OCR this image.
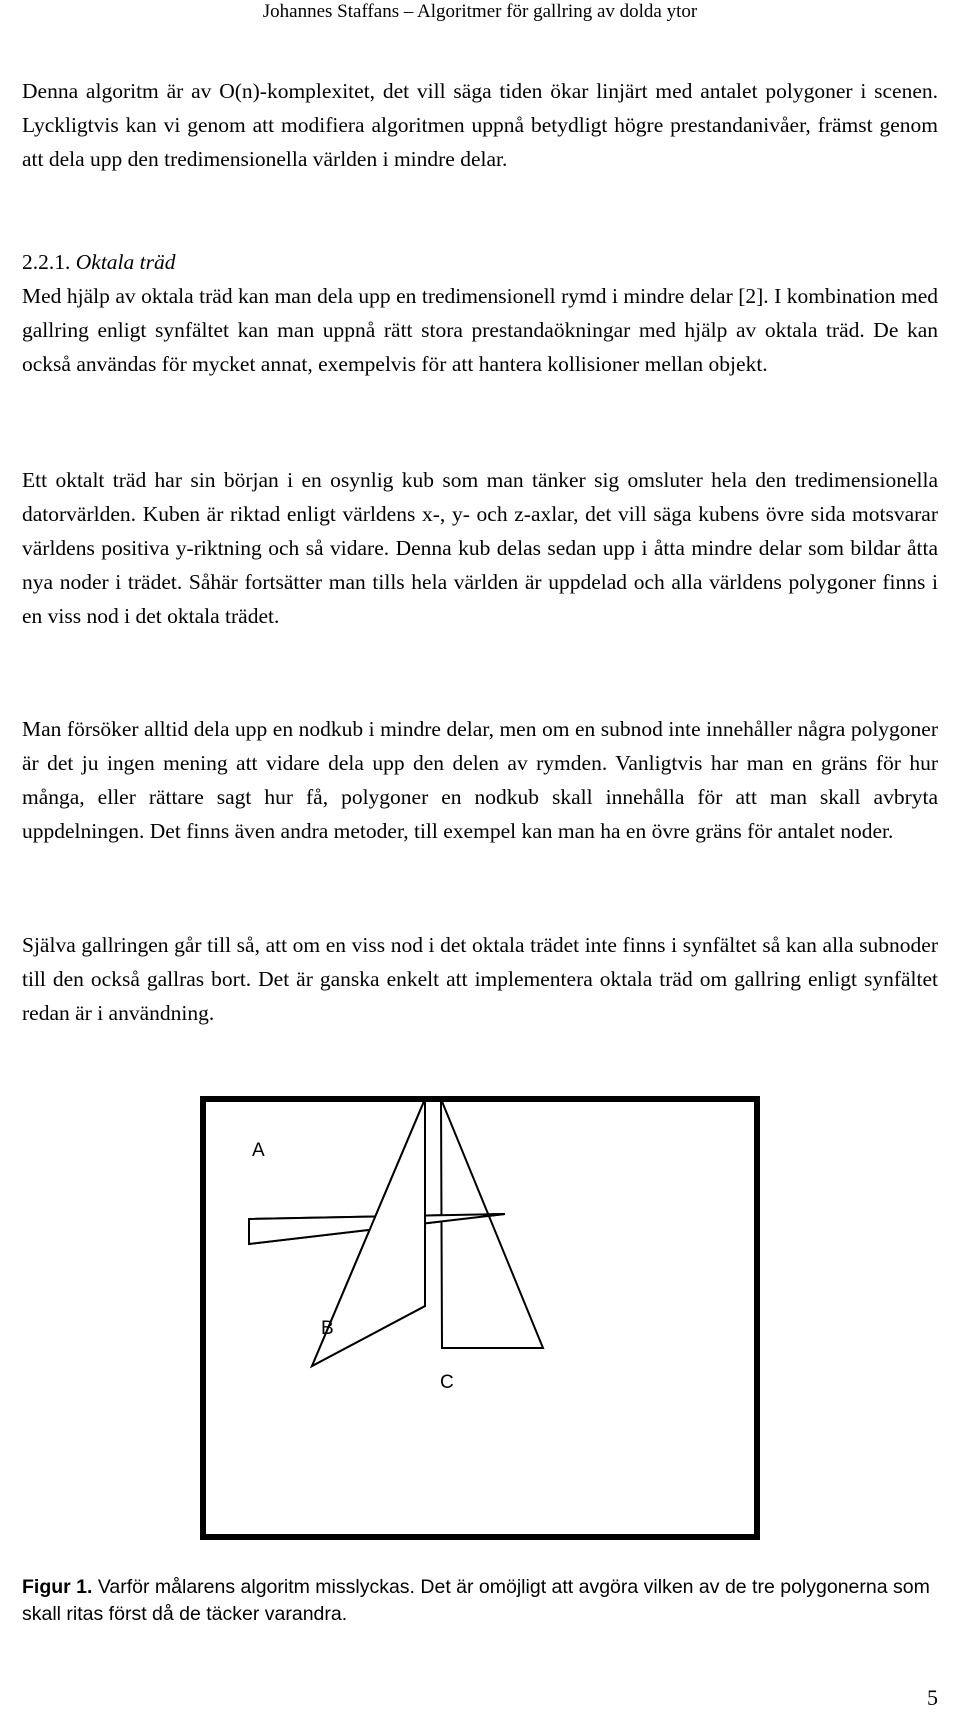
Johannes Staffans – Algoritmer för gallring av dolda ytor

Denna algoritm är av O(n)-komplexitet, det vill säga tiden ökar linjärt med antalet polygoner i scenen. Lyckligtvis kan vi genom att modifiera algoritmen uppnå betydligt högre prestandanivåer, främst genom att dela upp den tredimensionella världen i mindre delar.

2.2.1. Oktala träd

Med hjälp av oktala träd kan man dela upp en tredimensionell rymd i mindre delar [2]. I kombination med gallring enligt synfältet kan man uppnå rätt stora prestandaökningar med hjälp av oktala träd. De kan också användas för mycket annat, exempelvis för att hantera kollisioner mellan objekt.

Ett oktalt träd har sin början i en osynlig kub som man tänker sig omsluter hela den tredimensionella datorvärlden. Kuben är riktad enligt världens x-, y- och z-axlar, det vill säga kubens övre sida motsvarar världens positiva y-riktning och så vidare. Denna kub delas sedan upp i åtta mindre delar som bildar åtta nya noder i trädet. Såhär fortsätter man tills hela världen är uppdelad och alla världens polygoner finns i en viss nod i det oktala trädet.

Man försöker alltid dela upp en nodkub i mindre delar, men om en subnod inte innehåller några polygoner är det ju ingen mening att vidare dela upp den delen av rymden. Vanligtvis har man en gräns för hur många, eller rättare sagt hur få, polygoner en nodkub skall innehålla för att man skall avbryta uppdelningen. Det finns även andra metoder, till exempel kan man ha en övre gräns för antalet noder.

Själva gallringen går till så, att om en viss nod i det oktala trädet inte finns i synfältet så kan alla subnoder till den också gallras bort. Det är ganska enkelt att implementera oktala träd om gallring enligt synfältet redan är i användning.

A
B
C
Figur 1. Varför målarens algoritm misslyckas. Det är omöjligt att avgöra vilken av de tre polygonerna som skall ritas först då de täcker varandra.
5
